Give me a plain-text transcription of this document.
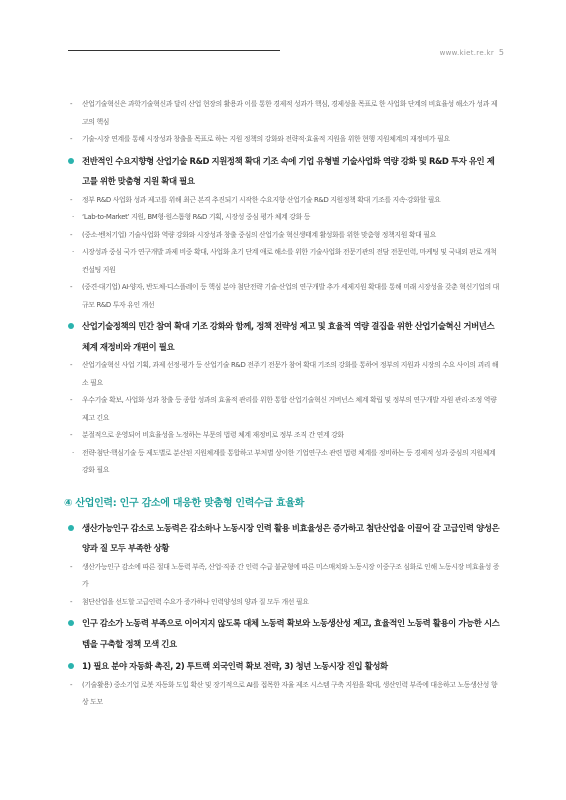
www.kiet.re.kr 5
- 산업기술혁신은 과학기술혁신과 달리 산업 현장의 활용과 이를 통한 경제적 성과가 핵심, 경제성을 목표로 한 사업화 단계의 비효율성 해소가 성과 제고의 핵심
- 기술-시장 연계를 통해 시장성과 창출을 목표로 하는 지원 정책의 강화와 전략적·효율적 지원을 위한 현행 지원체계의 재정비가 필요
전반적인 수요지향형 산업기술 R&D 지원정책 확대 기조 속에 기업 유형별 기술사업화 역량 강화 및 R&D 투자 유인 제고를 위한 맞춤형 지원 확대 필요
- 정부 R&D 사업화 성과 제고를 위해 최근 본격 추진되기 시작한 수요지향 산업기술 R&D 지원정책 확대 기조를 지속·강화할 필요
· ‘Lab-to-Market’ 지원, BM형·원스톱형 R&D 기획, 시장성 중심 평가 체계 강화 등
- (중소·벤처기업) 기술사업화 역량 강화와 시장성과 창출 중심의 산업기술 혁신생태계 활성화를 위한 맞춤형 정책지원 확대 필요
· 시장성과 중심 국가 연구개발 과제 비중 확대, 사업화 초기 단계 애로 해소를 위한 기술사업화 전문기관의 전담 전문인력, 마케팅 및 국내외 판로 개척 컨설팅 지원
- (중견·대기업) AI·양자, 반도체·디스플레이 등 핵심 분야 첨단전략 기술·산업의 연구개발 추가 세제지원 확대를 통해 미래 시장성을 갖춘 혁신기업의 대규모 R&D 투자 유인 개선
산업기술정책의 민간 참여 확대 기조 강화와 함께, 정책 전략성 제고 및 효율적 역량 결집을 위한 산업기술혁신 거버넌스 체계 재정비와 개편이 필요
- 산업기술혁신 사업 기획, 과제 선정·평가 등 산업기술 R&D 전주기 전문가 참여 확대 기조의 강화를 통하여 정부의 지원과 시장의 수요 사이의 괴리 해소 필요
- 우수기술 확보, 사업화 성과 창출 등 종합 성과의 효율적 관리를 위한 통합 산업기술혁신 거버넌스 체계 확립 및 정부의 연구개발 자원 관리·조정 역량 제고 긴요
- 분절적으로 운영되어 비효율성을 노정하는 부문의 법령 체계 재정비로 정부 조직 간 연계 강화
· 전략·첨단·핵심기술 등 제도별로 분산된 지원체계를 통합하고 부처별 상이한 기업연구소 관련 법령 체계를 정비하는 등 경제적 성과 중심의 지원체계 강화 필요
④ 산업인력: 인구 감소에 대응한 맞춤형 인력수급 효율화
생산가능인구 감소로 노동력은 감소하나 노동시장 인력 활용 비효율성은 증가하고 첨단산업을 이끌어 갈 고급인력 양성은 양과 질 모두 부족한 상황
- 생산가능인구 감소에 따른 절대 노동력 부족, 산업·직종 간 인력 수급 불균형에 따른 미스매치와 노동시장 이중구조 심화로 인해 노동시장 비효율성 증가
- 첨단산업을 선도할 고급인력 수요가 증가하나 인력양성의 양과 질 모두 개선 필요
인구 감소가 노동력 부족으로 이어지지 않도록 대체 노동력 확보와 노동생산성 제고, 효율적인 노동력 활용이 가능한 시스템을 구축할 정책 모색 긴요
1) 필요 분야 자동화 촉진, 2) 투트랙 외국인력 확보 전략, 3) 청년 노동시장 진입 활성화
- (기술활용) 중소기업 로봇 자동화 도입 확산 및 장기적으로 AI를 접목한 자율 제조 시스템 구축 지원을 확대, 생산인력 부족에 대응하고 노동생산성 향상 도모
